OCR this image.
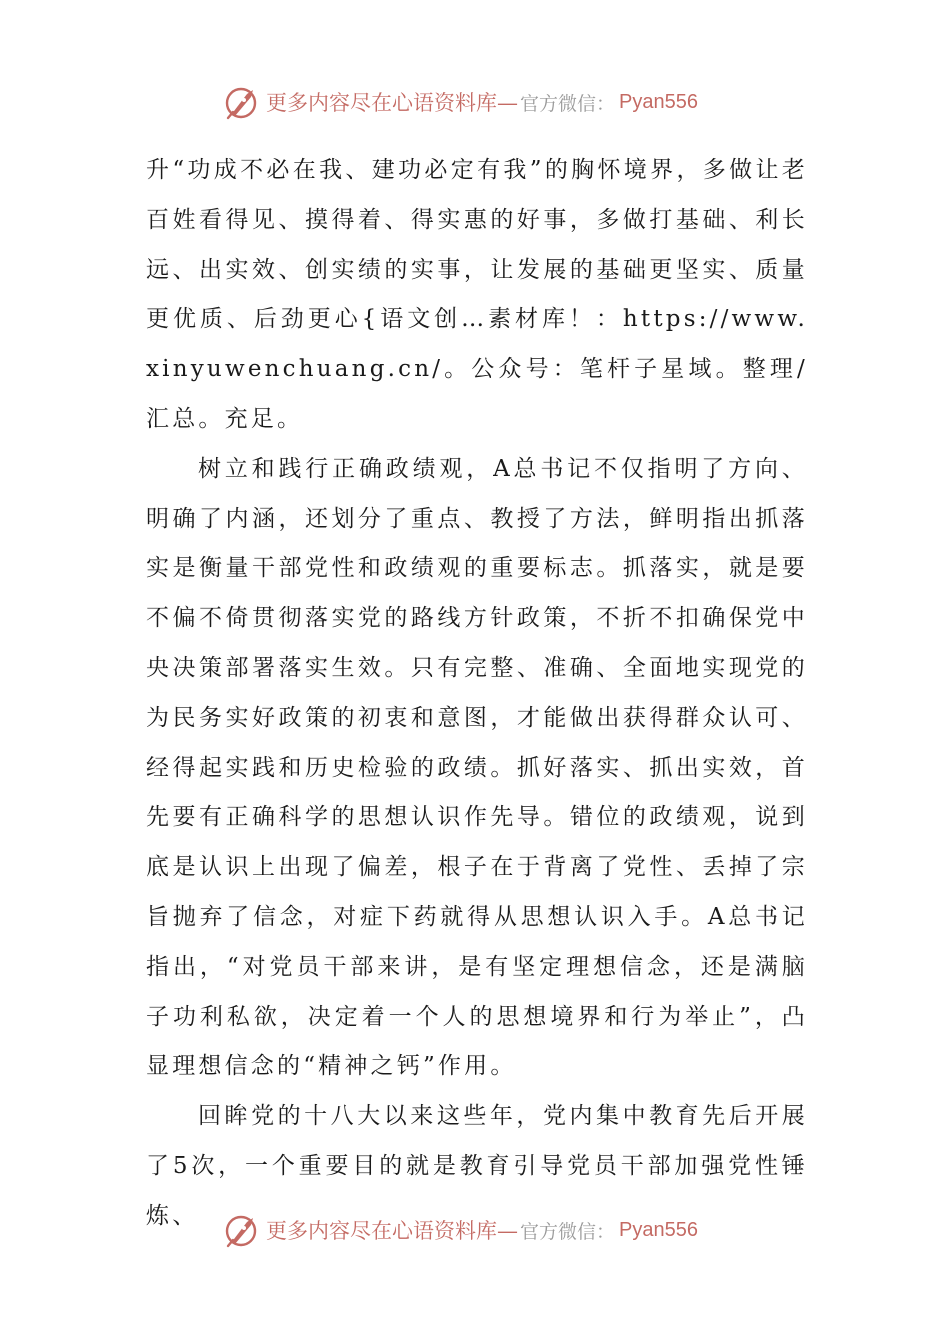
更多内容尽在心语资料库— 官方微信： Pyan556

升“功成不必在我、建功必定有我”的胸怀境界，多做让老百姓看得见、摸得着、得实惠的好事，多做打基础、利长远、出实效、创实绩的实事，让发展的基础更坚实、质量更优质、后劲更心{语文创…素材库！：https://www.xinyuwenchuang.cn/。公众号：笔杆子星域。整理/汇总。充足。

树立和践行正确政绩观，A总书记不仅指明了方向、明确了内涵，还划分了重点、教授了方法，鲜明指出抓落实是衡量干部党性和政绩观的重要标志。抓落实，就是要不偏不倚贯彻落实党的路线方针政策，不折不扣确保党中央决策部署落实生效。只有完整、准确、全面地实现党的为民务实好政策的初衷和意图，才能做出获得群众认可、经得起实践和历史检验的政绩。抓好落实、抓出实效，首先要有正确科学的思想认识作先导。错位的政绩观，说到底是认识上出现了偏差，根子在于背离了党性、丢掉了宗旨抛弃了信念，对症下药就得从思想认识入手。A总书记指出，“对党员干部来讲，是有坚定理想信念，还是满脑子功利私欲，决定着一个人的思想境界和行为举止”，凸显理想信念的“精神之钙”作用。

回眸党的十八大以来这些年，党内集中教育先后开展了5次，一个重要目的就是教育引导党员干部加强党性锤炼、

更多内容尽在心语资料库— 官方微信： Pyan556
